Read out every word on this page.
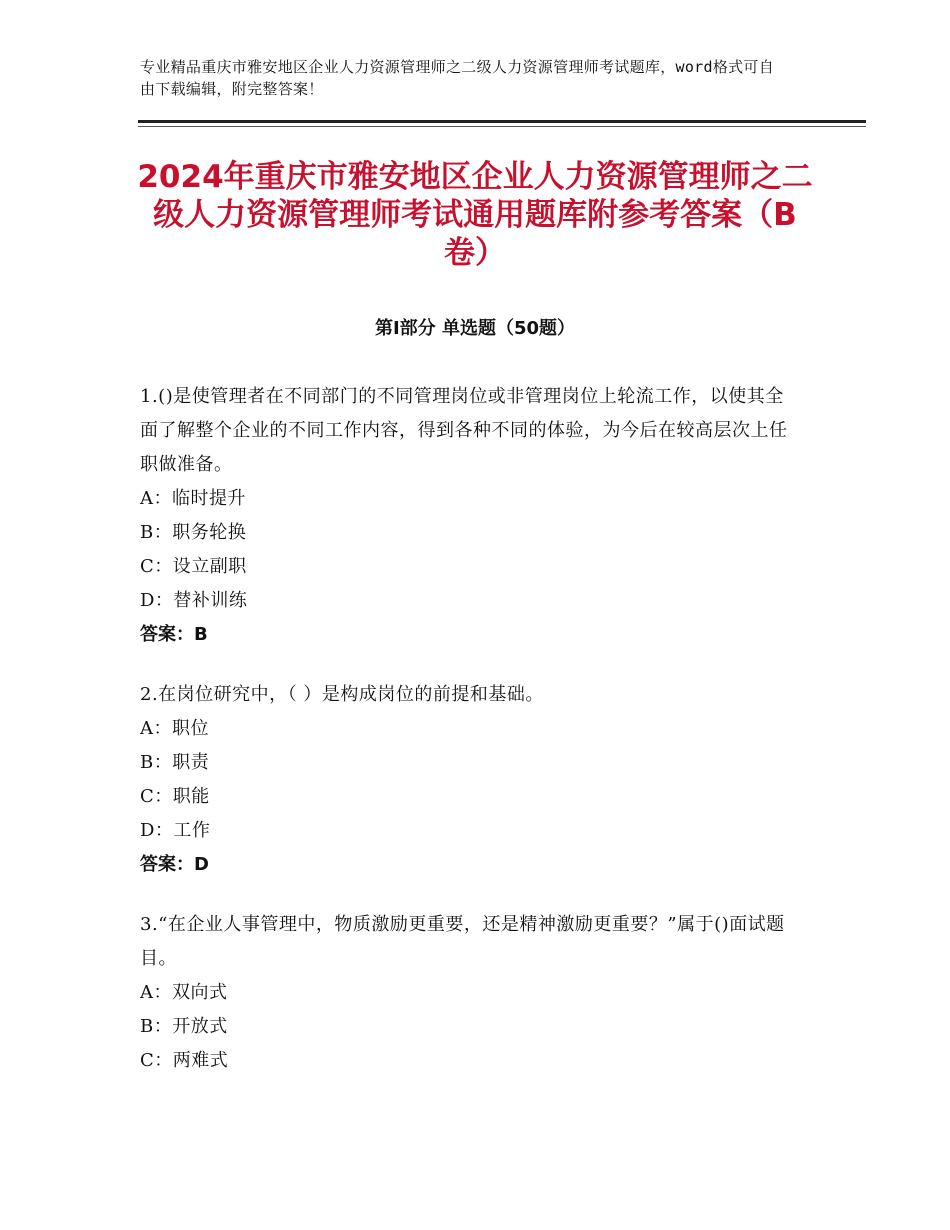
专业精品重庆市雅安地区企业人力资源管理师之二级人力资源管理师考试题库，word格式可自由下载编辑，附完整答案！
2024年重庆市雅安地区企业人力资源管理师之二级人力资源管理师考试通用题库附参考答案（B卷）
第Ⅰ部分 单选题（50题）
1.()是使管理者在不同部门的不同管理岗位或非管理岗位上轮流工作，以使其全面了解整个企业的不同工作内容，得到各种不同的体验，为今后在较高层次上任职做准备。
A：临时提升
B：职务轮换
C：设立副职
D：替补训练
答案：B
2.在岗位研究中，（ ）是构成岗位的前提和基础。
A：职位
B：职责
C：职能
D：工作
答案：D
3.“在企业人事管理中，物质激励更重要，还是精神激励更重要？”属于()面试题目。
A：双向式
B：开放式
C：两难式
